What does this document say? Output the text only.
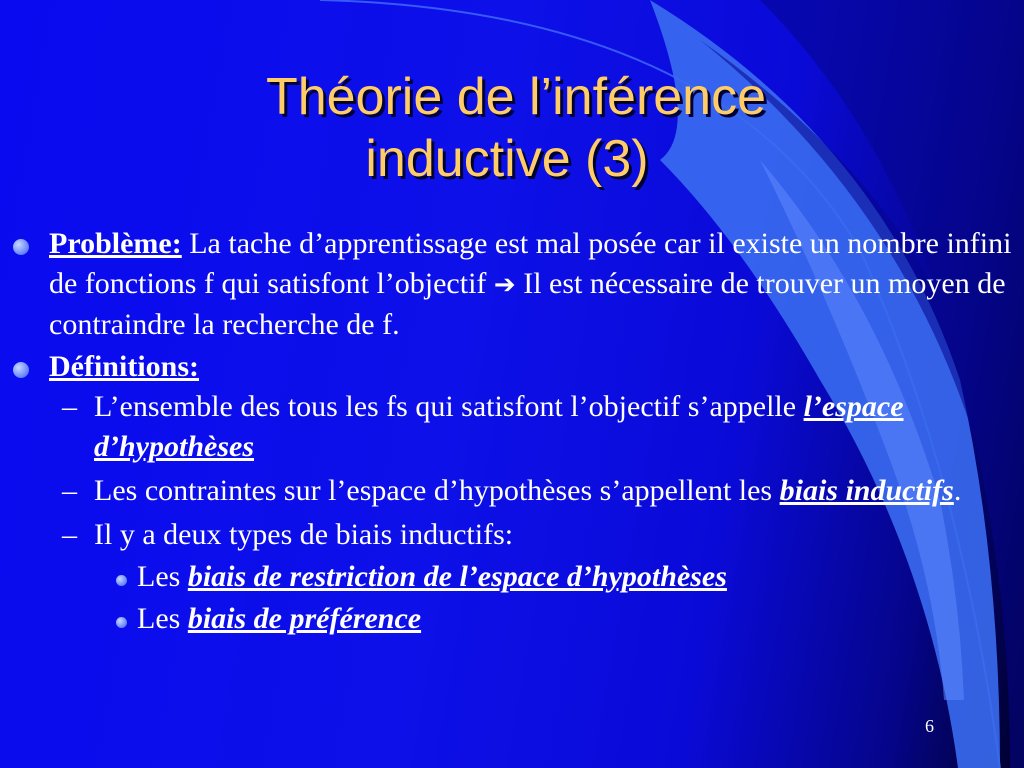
Théorie de l’inférence
inductive (3)
Problème: La tache d’apprentissage est mal posée car il existe un nombre infini de fonctions f qui satisfont l’objectif ➔ Il est nécessaire de trouver un moyen de contraindre la recherche de f.
Définitions:
– L’ensemble des tous les fs qui satisfont l’objectif s’appelle l’espace d’hypothèses
– Les contraintes sur l’espace d’hypothèses s’appellent les biais inductifs.
– Il y a deux types de biais inductifs:
Les biais de restriction de l’espace d’hypothèses
Les biais de préférence
6
